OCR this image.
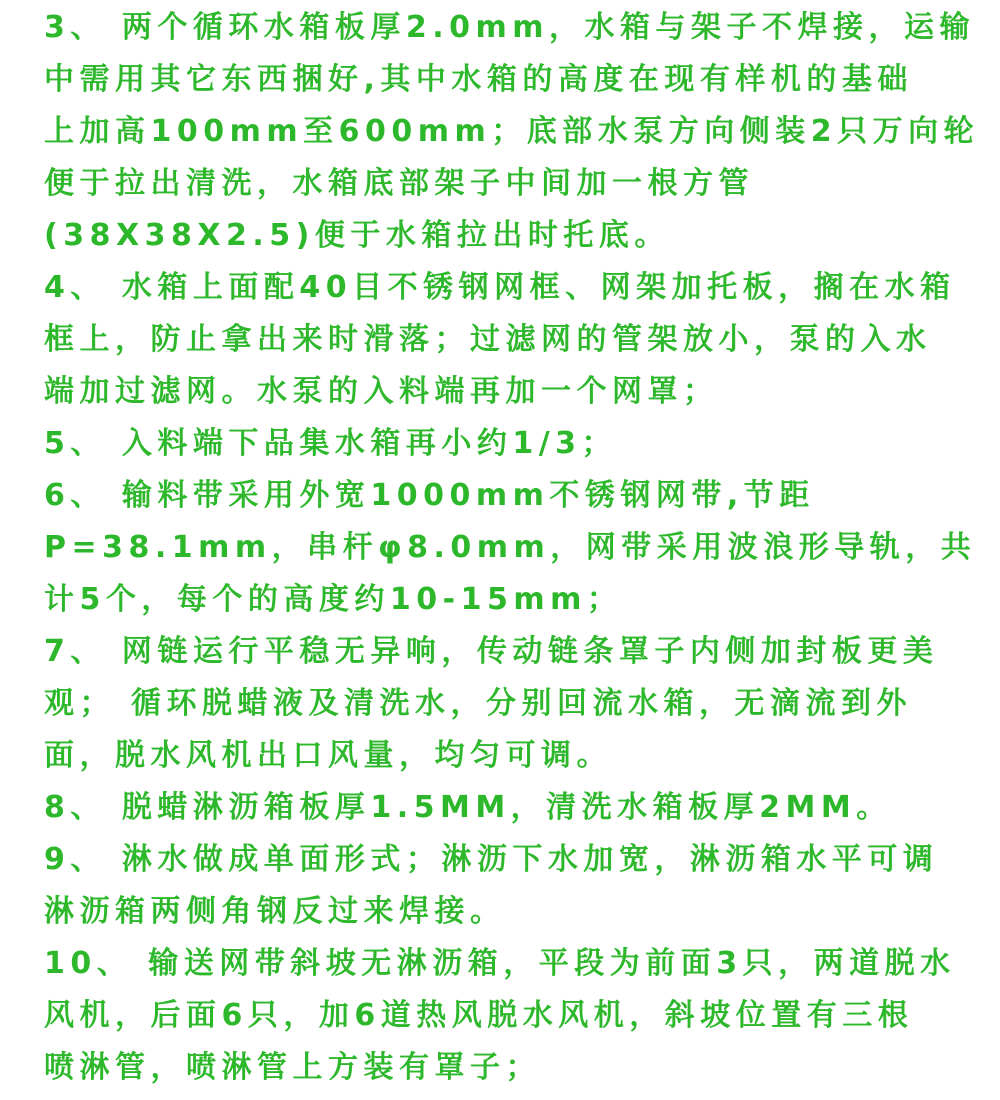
3、 两个循环水箱板厚2.0mm，水箱与架子不焊接，运输
中需用其它东西捆好,其中水箱的高度在现有样机的基础
上加高100mm至600mm；底部水泵方向侧装2只万向轮
便于拉出清洗，水箱底部架子中间加一根方管
(38X38X2.5)便于水箱拉出时托底。
4、 水箱上面配40目不锈钢网框、网架加托板，搁在水箱
框上，防止拿出来时滑落；过滤网的管架放小，泵的入水
端加过滤网。水泵的入料端再加一个网罩；
5、 入料端下品集水箱再小约1/3；
6、 输料带采用外宽1000mm不锈钢网带,节距
P=38.1mm，串杆φ8.0mm，网带采用波浪形导轨，共
计5个，每个的高度约10-15mm；
7、 网链运行平稳无异响，传动链条罩子内侧加封板更美
观； 循环脱蜡液及清洗水，分别回流水箱，无滴流到外
面，脱水风机出口风量，均匀可调。
8、 脱蜡淋沥箱板厚1.5MM，清洗水箱板厚2MM。
9、 淋水做成单面形式；淋沥下水加宽，淋沥箱水平可调
淋沥箱两侧角钢反过来焊接。
10、 输送网带斜坡无淋沥箱，平段为前面3只，两道脱水
风机，后面6只，加6道热风脱水风机，斜坡位置有三根
喷淋管，喷淋管上方装有罩子；
